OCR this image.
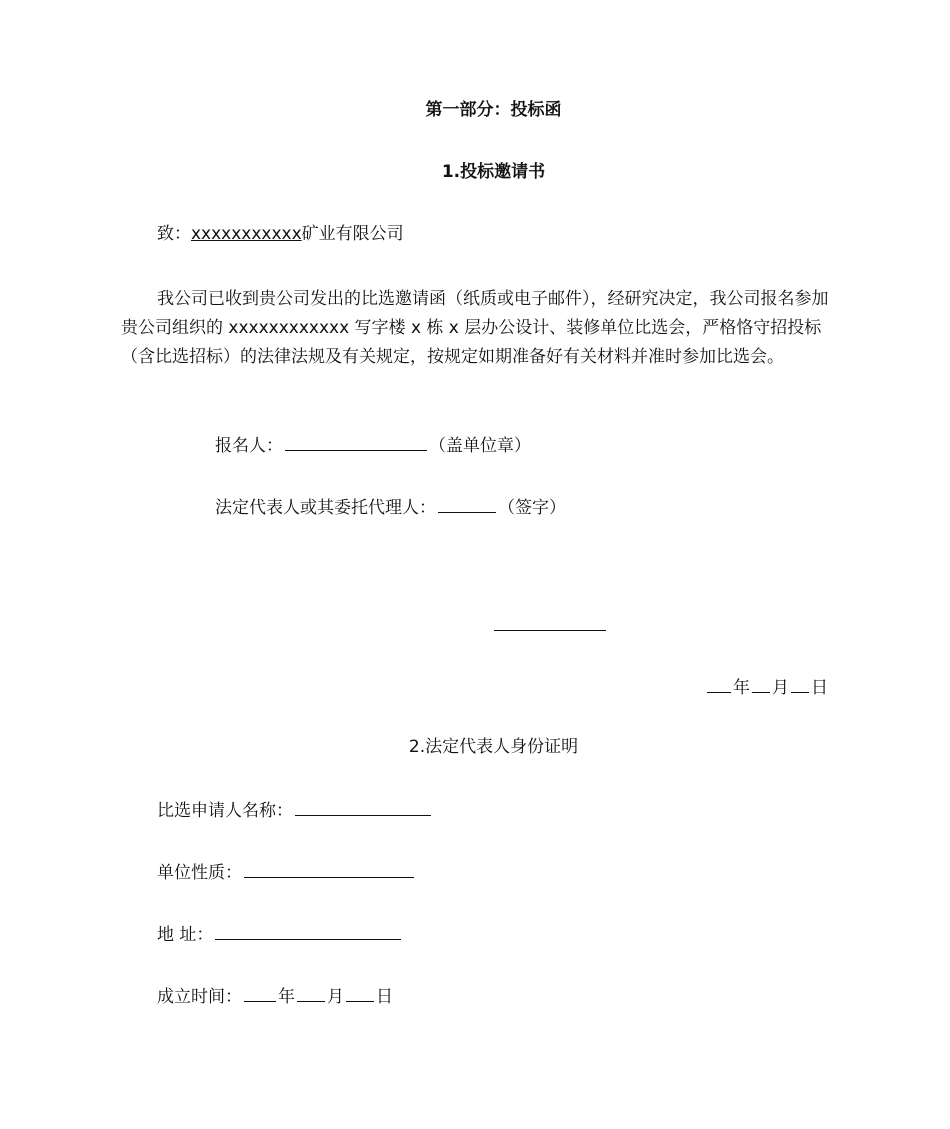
第一部分：投标函
1.投标邀请书
致：xxxxxxxxxxx矿业有限公司
我公司已收到贵公司发出的比选邀请函（纸质或电子邮件），经研究决定，我公司报名参加贵公司组织的 xxxxxxxxxxxx 写字楼 x 栋 x 层办公设计、装修单位比选会，严格恪守招投标（含比选招标）的法律法规及有关规定，按规定如期准备好有关材料并准时参加比选会。
报名人：	（盖单位章）
法定代表人或其委托代理人：	（签字）
年 月 日
2.法定代表人身份证明
比选申请人名称：
单位性质：
地 址：
成立时间： 年 月 日
